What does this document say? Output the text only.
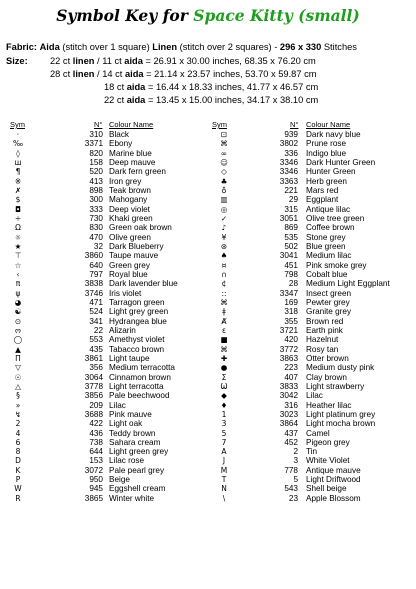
Symbol Key for Space Kitty (small)
Fabric: Aida (stitch over 1 square) Linen (stitch over 2 squares) - 296 x 330 Stitches
Size: 22 ct linen / 11 ct aida = 26.91 x 30.00 inches, 68.35 x 76.20 cm
28 ct linen / 14 ct aida = 21.14 x 23.57 inches, 53.70 x 59.87 cm
18 ct aida = 16.44 x 18.33 inches, 41.77 x 46.57 cm
22 ct aida = 13.45 x 15.00 inches, 34.17 x 38.10 cm
Sym	N° Colour Name
·	310 Black
‰	3371 Ebony
◊	820 Marine blue
ш	158 Deep mauve
¶	520 Dark fern green
※	413 Iron grey
✗	898 Teak brown
$	300 Mahogany
◘	333 Deep violet
÷	730 Khaki green
Ω	830 Green oak brown
☼	470 Olive green
★	32 Dark Blueberry
⊤	3860 Taupe mauve
☆	640 Green grey
‹	797 Royal blue
π	3838 Dark lavender blue
ψ	3746 Iris violet
◕	471 Tarragon green
☯	524 Light grey green
⊙	341 Hydrangea blue
ო	22 Alizarin
◯	553 Amethyst violet
▲	435 Tabacco brown
Π	3861 Light taupe
▽	356 Medium terracotta
☉	3064 Cinnamon brown
△	3778 Light terracotta
§	3856 Pale beechwood
»	209 Lilac
↯	3688 Pink mauve
2	422 Light oak
4	436 Teddy brown
6	738 Sahara cream
8	644 Light green grey
D	153 Lilac rose
K	3072 Pale pearl grey
P	950 Beige
W	945 Eggshell cream
R	3865 Winter white
Sym	N° Colour Name
⊡	939 Dark navy blue
⌘	3802 Prune rose
∞	336 Indigo blue
☺	3346 Dark Hunter Green
◇	3346 Hunter Green
♣	3363 Herb green
♁	221 Mars red
▥	29 Eggplant
◎	315 Antique lilac
✓	3051 Olive tree green
♪	869 Coffee brown
¥	535 Stone grey
⊛	502 Blue green
♠	3041 Medium lilac
¤	451 Pink smoke grey
∩	798 Cobalt blue
¢	28 Medium Light Eggplant
::	3347 Insect green
⌘	169 Pewter grey
ǂ	318 Granite grey
Ⱥ	355 Brown red
ε	3721 Earth pink
■	420 Hazelnut
⌘	3772 Rosy tan
✚	3863 Otter brown
●	223 Medium dusty pink
Σ	407 Clay brown
Ѡ	3833 Light strawberry
◆	3042 Lilac
♦	316 Heather lilac
1	3023 Light platinum grey
3	3864 Light mocha brown
5	437 Camel
7	452 Pigeon grey
A	2 Tin
J	3 White Violet
M	778 Antique mauve
T	5 Light Driftwood
N	543 Shell beige
\	23 Apple Blossom
